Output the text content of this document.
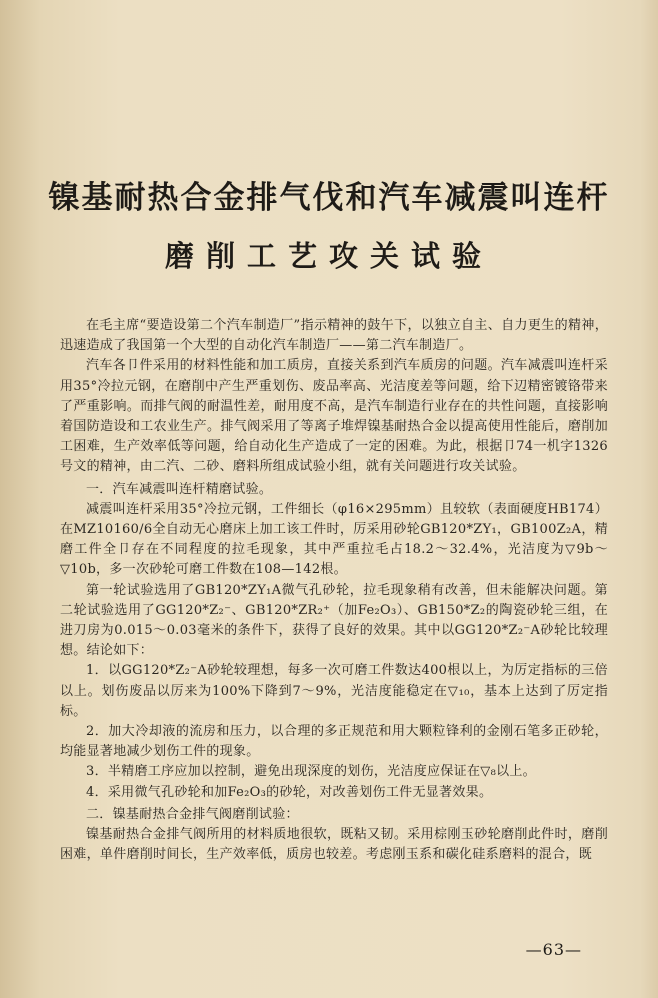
镍基耐热合金排气伐和汽车减震叫连杆
磨削工艺攻关试验

在毛主席“要造设第二个汽车制造厂”指示精神的鼓午下，以独立自主、自力更生的精神，迅速造成了我国第一个大型的自动化汽车制造厂——第二汽车制造厂。

汽车各卩件采用的材料性能和加工质房，直接关系到汽车质房的问题。汽车减震叫连杆采用35°冷拉元钢，在磨削中产生严重划伤、废品率高、光洁度差等问题，给下辺精密镀铬带来了严重影响。而排气阀的耐温性差，耐用度不高，是汽车制造行业存在的共性问题，直接影响着国防造设和工农业生产。排气阀采用了等离子堆焊镍基耐热合金以提高使用性能后，磨削加工困难，生产效率低等问题，给自动化生产造成了一定的困难。为此，根据卩74一机字1326号文的精神，由二汽、二砂、磨料所组成试验小组，就有关问题进行攻关试验。

一．汽车减震叫连杆精磨试验。

减震叫连杆采用35°冷拉元钢，工件细长（φ16×295mm）且较软（表面硬度HB174）在MZ10160/6全自动无心磨床上加工该工件时，厉采用砂轮GB120*ZY₁，GB100Z₂A，精磨工件全卩存在不同程度的拉毛现象，其中严重拉毛占18.2～32.4%，光洁度为▽9b～▽10b，多一次砂轮可磨工件数在108—142根。

第一轮试验选用了GB120*ZY₁A微气孔砂轮，拉毛现象稍有改善，但未能解决问题。第二轮试验选用了GG120*Z₂⁻、GB120*ZR₂⁺（加Fe₂O₃）、GB150*Z₂的陶瓷砂轮三组，在进刀房为0.015～0.03毫米的条件下，获得了良好的效果。其中以GG120*Z₂⁻A砂轮比较理想。结论如下：

1．以GG120*Z₂⁻A砂轮较理想，每多一次可磨工件数达400根以上，为厉定指标的三倍以上。划伤废品以厉来为100%下降到7～9%，光洁度能稳定在▽₁₀，基本上达到了厉定指标。

2．加大冷却液的流房和压力，以合理的多正规范和用大颗粒锋利的金刚石笔多正砂轮，均能显著地减少划伤工件的现象。

3．半精磨工序应加以控制，避免出现深度的划伤，光洁度应保证在▽₈以上。

4．采用微气孔砂轮和加Fe₂O₃的砂轮，对改善划伤工件无显著效果。

二．镍基耐热合金排气阀磨削试验：

镍基耐热合金排气阀所用的材料质地很软，既粘又韧。采用棕刚玉砂轮磨削此件时，磨削困难，单件磨削时间长，生产效率低，质房也较差。考虑刚玉系和碳化硅系磨料的混合，既

—63—
